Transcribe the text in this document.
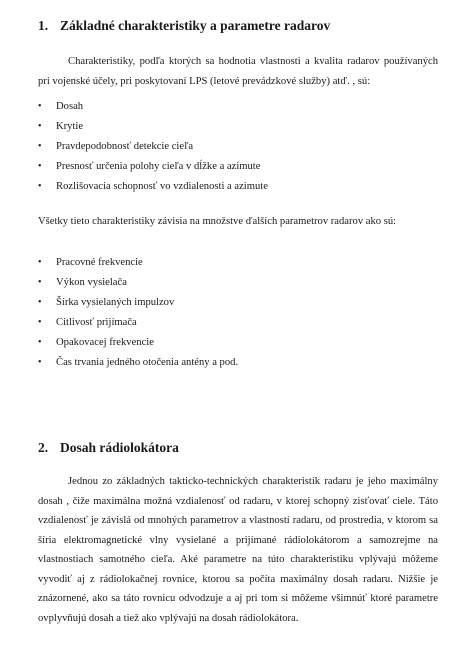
1. Základné charakteristiky a parametre radarov
Charakteristiky, podľa ktorých sa hodnotia vlastnosti a kvalita radarov používaných
pri vojenské účely, pri poskytovaní LPS (letové prevádzkové služby) atď. , sú:
• Dosah
• Krytie
• Pravdepodobnosť detekcie cieľa
• Presnosť určenia polohy cieľa v dĺžke a azimute
• Rozlišovacia schopnosť vo vzdialenosti a azimute
Všetky tieto charakteristiky závisia na množstve ďalších parametrov radarov ako sú:
• Pracovné frekvencie
• Výkon vysielača
• Šírka vysielaných impulzov
• Citlivosť prijímača
• Opakovacej frekvencie
• Čas trvania jedného otočenia antény a pod.
2. Dosah rádiolokátora
Jednou zo základných takticko-technických charakteristík radaru je jeho maximálny
dosah , čiže maximálna možná vzdialenosť od radaru, v ktorej schopný zisťovať ciele. Táto
vzdialenosť je závislá od mnohých parametrov a vlastností radaru, od prostredia, v ktorom sa
šíria elektromagnetické vlny vysielané a prijímané rádiolokátorom a samozrejme na
vlastnostiach samotného cieľa. Aké parametre na túto charakteristiku vplývajú môžeme
vyvodiť aj z rádiolokačnej rovnice, ktorou sa počíta maximálny dosah radaru. Nižšie je
znázornené, ako sa táto rovnicu odvodzuje a aj pri tom si môžeme všimnúť ktoré parametre
ovplyvňujú dosah a tiež ako vplývajú na dosah rádiolokátora.
